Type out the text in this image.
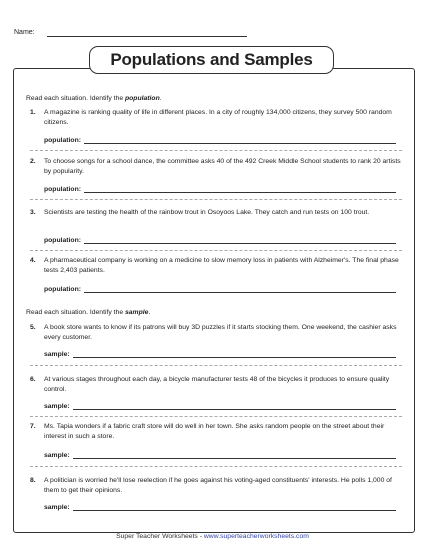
Name:
Populations and Samples
Read each situation. Identify the population.
1. A magazine is ranking quality of life in different places. In a city of roughly 134,000 citizens, they survey 500 random citizens.
population:
2. To choose songs for a school dance, the committee asks 40 of the 492 Creek Middle School students to rank 20 artists by popularity.
population:
3. Scientists are testing the health of the rainbow trout in Osoyoos Lake. They catch and run tests on 100 trout.
population:
4. A pharmaceutical company is working on a medicine to slow memory loss in patients with Alzheimer's. The final phase tests 2,403 patients.
population:
Read each situation. Identify the sample.
5. A book store wants to know if its patrons will buy 3D puzzles if it starts stocking them. One weekend, the cashier asks every customer.
sample:
6. At various stages throughout each day, a bicycle manufacturer tests 48 of the bicycles it produces to ensure quality control.
sample:
7. Ms. Tapia wonders if a fabric craft store will do well in her town. She asks random people on the street about their interest in such a store.
sample:
8. A politician is worried he'll lose reelection if he goes against his voting-aged constituents' interests. He polls 1,000 of them to get their opinions.
sample:
Super Teacher Worksheets - www.superteacherworksheets.com
